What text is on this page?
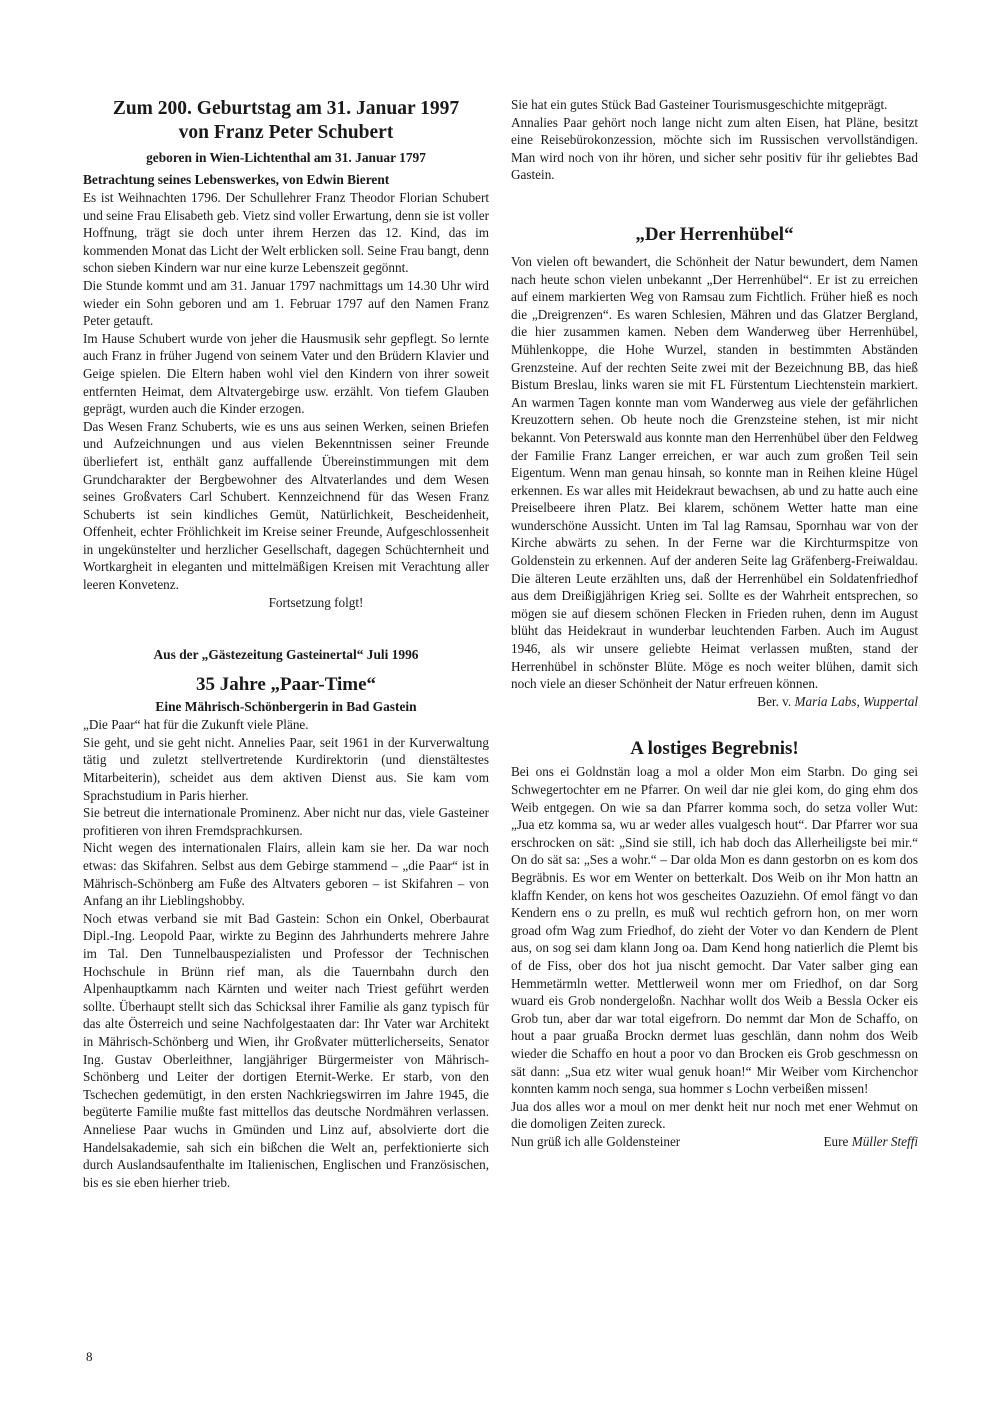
Zum 200. Geburtstag am 31. Januar 1997

von Franz Peter Schubert

geboren in Wien-Lichtenthal am 31. Januar 1797

Betrachtung seines Lebenswerkes, von Edwin Bierent

Es ist Weihnachten 1796. Der Schullehrer Franz Theodor Florian Schubert und seine Frau Elisabeth geb. Vietz sind voller Erwartung, denn sie ist voller Hoffnung, trägt sie doch unter ihrem Herzen das 12. Kind, das im kommenden Monat das Licht der Welt erblicken soll. Seine Frau bangt, denn schon sieben Kindern war nur eine kurze Lebenszeit gegönnt.

Die Stunde kommt und am 31. Januar 1797 nachmittags um 14.30 Uhr wird wieder ein Sohn geboren und am 1. Februar 1797 auf den Namen Franz Peter getauft.

Im Hause Schubert wurde von jeher die Hausmusik sehr gepflegt. So lernte auch Franz in früher Jugend von seinem Vater und den Brüdern Klavier und Geige spielen. Die Eltern haben wohl viel den Kindern von ihrer soweit entfernten Heimat, dem Altvatergebirge usw. erzählt. Von tiefem Glauben geprägt, wurden auch die Kinder erzogen.

Das Wesen Franz Schuberts, wie es uns aus seinen Werken, seinen Briefen und Aufzeichnungen und aus vielen Bekenntnissen seiner Freunde überliefert ist, enthält ganz auffallende Übereinstimmungen mit dem Grundcharakter der Bergbewohner des Altvaterlandes und dem Wesen seines Großvaters Carl Schubert. Kennzeichnend für das Wesen Franz Schuberts ist sein kindliches Gemüt, Natürlichkeit, Bescheidenheit, Offenheit, echter Fröhlichkeit im Kreise seiner Freunde, Aufgeschlossenheit in ungekünstelter und herzlicher Gesellschaft, dagegen Schüchternheit und Wortkargheit in eleganten und mittelmäßigen Kreisen mit Verachtung aller leeren Konvetenz.

Fortsetzung folgt!

Aus der „Gästezeitung Gasteinertal“ Juli 1996

35 Jahre „Paar-Time“

Eine Mährisch-Schönbergerin in Bad Gastein

„Die Paar“ hat für die Zukunft viele Pläne.

Sie geht, und sie geht nicht. Annelies Paar, seit 1961 in der Kurverwaltung tätig und zuletzt stellvertretende Kurdirektorin (und dienstältestes Mitarbeiterin), scheidet aus dem aktiven Dienst aus. Sie kam vom Sprachstudium in Paris hierher.

Sie betreut die internationale Prominenz. Aber nicht nur das, viele Gasteiner profitieren von ihren Fremdsprachkursen.

Nicht wegen des internationalen Flairs, allein kam sie her. Da war noch etwas: das Skifahren. Selbst aus dem Gebirge stammend – „die Paar“ ist in Mährisch-Schönberg am Fuße des Altvaters geboren – ist Skifahren – von Anfang an ihr Lieblingshobby.

Noch etwas verband sie mit Bad Gastein: Schon ein Onkel, Oberbaurat Dipl.-Ing. Leopold Paar, wirkte zu Beginn des Jahrhunderts mehrere Jahre im Tal. Den Tunnelbauspezialisten und Professor der Technischen Hochschule in Brünn rief man, als die Tauernbahn durch den Alpenhauptkamm nach Kärnten und weiter nach Triest geführt werden sollte. Überhaupt stellt sich das Schicksal ihrer Familie als ganz typisch für das alte Österreich und seine Nachfolgestaaten dar: Ihr Vater war Architekt in Mährisch-Schönberg und Wien, ihr Großvater mütterlicherseits, Senator Ing. Gustav Oberleithner, langjähriger Bürgermeister von Mährisch-Schönberg und Leiter der dortigen Eternit-Werke. Er starb, von den Tschechen gedemütigt, in den ersten Nachkriegswirren im Jahre 1945, die begüterte Familie mußte fast mittellos das deutsche Nordmähren verlassen. Anneliese Paar wuchs in Gmünden und Linz auf, absolvierte dort die Handelsakademie, sah sich ein bißchen die Welt an, perfektionierte sich durch Auslandsaufenthalte im Italienischen, Englischen und Französischen, bis es sie eben hierher trieb.

Sie hat ein gutes Stück Bad Gasteiner Tourismusgeschichte mitgeprägt.

Annalies Paar gehört noch lange nicht zum alten Eisen, hat Pläne, besitzt eine Reisebürokonzession, möchte sich im Russischen vervollständigen. Man wird noch von ihr hören, und sicher sehr positiv für ihr geliebtes Bad Gastein.

„Der Herrenhübel“

Von vielen oft bewandert, die Schönheit der Natur bewundert, dem Namen nach heute schon vielen unbekannt „Der Herrenhübel“. Er ist zu erreichen auf einem markierten Weg von Ramsau zum Fichtlich. Früher hieß es noch die „Dreigrenzen“. Es waren Schlesien, Mähren und das Glatzer Bergland, die hier zusammen kamen. Neben dem Wanderweg über Herrenhübel, Mühlenkoppe, die Hohe Wurzel, standen in bestimmten Abständen Grenzsteine. Auf der rechten Seite zwei mit der Bezeichnung BB, das hieß Bistum Breslau, links waren sie mit FL Fürstentum Liechtenstein markiert. An warmen Tagen konnte man vom Wanderweg aus viele der gefährlichen Kreuzottern sehen. Ob heute noch die Grenzsteine stehen, ist mir nicht bekannt. Von Peterswald aus konnte man den Herrenhübel über den Feldweg der Familie Franz Langer erreichen, er war auch zum großen Teil sein Eigentum. Wenn man genau hinsah, so konnte man in Reihen kleine Hügel erkennen. Es war alles mit Heidekraut bewachsen, ab und zu hatte auch eine Preiselbeere ihren Platz. Bei klarem, schönem Wetter hatte man eine wunderschöne Aussicht. Unten im Tal lag Ramsau, Spornhau war von der Kirche abwärts zu sehen. In der Ferne war die Kirchturmspitze von Goldenstein zu erkennen. Auf der anderen Seite lag Gräfenberg-Freiwaldau. Die älteren Leute erzählten uns, daß der Herrenhübel ein Soldatenfriedhof aus dem Dreißigjährigen Krieg sei. Sollte es der Wahrheit entsprechen, so mögen sie auf diesem schönen Flecken in Frieden ruhen, denn im August blüht das Heidekraut in wunderbar leuchtenden Farben. Auch im August 1946, als wir unsere geliebte Heimat verlassen mußten, stand der Herrenhübel in schönster Blüte. Möge es noch weiter blühen, damit sich noch viele an dieser Schönheit der Natur erfreuen können.

Ber. v. Maria Labs, Wuppertal

A lostiges Begrebnis!

Bei ons ei Goldnstän loag a mol a older Mon eim Starbn. Do ging sei Schwegertochter em ne Pfarrer. On weil dar nie glei kom, do ging ehm dos Weib entgegen. On wie sa dan Pfarrer komma soch, do setza voller Wut: „Jua etz komma sa, wu ar weder alles vualgesch hout“. Dar Pfarrer wor sua erschrocken on sät: „Sind sie still, ich hab doch das Allerheiligste bei mir.“ On do sät sa: „Ses a wohr.“ – Dar olda Mon es dann gestorbn on es kom dos Begräbnis. Es wor em Wenter on betterkalt. Dos Weib on ihr Mon hattn an klaffn Kender, on kens hot wos gescheites Oazuziehn. Of emol fängt vo dan Kendern ens o zu prelln, es muß wul rechtich gefrorn hon, on mer worn groad ofm Wag zum Friedhof, do zieht der Voter vo dan Kendern de Plent aus, on sog sei dam klann Jong oa. Dam Kend hong natierlich die Plemt bis of de Fiss, ober dos hot jua nischt gemocht. Dar Vater salber ging ean Hemmetärmln wetter. Mettlerweil wonn mer om Friedhof, on dar Sorg wuard eis Grob nondergeloßn. Nachhar wollt dos Weib a Bessla Ocker eis Grob tun, aber dar war total eigefrorn. Do nemmt dar Mon de Schaffo, on hout a paar gruaßa Brockn dermet luas geschlän, dann nohm dos Weib wieder die Schaffo en hout a poor vo dan Brocken eis Grob geschmessn on sät dann: „Sua etz witer wual genuk hoan!“ Mir Weiber vom Kirchenchor konnten kamm noch senga, sua hommer s Lochn verbeißen missen!

Jua dos alles wor a moul on mer denkt heit nur noch met ener Wehmut on die domoligen Zeiten zureck.

Nun grüß ich alle Goldensteiner	Eure Müller Steffi
8
